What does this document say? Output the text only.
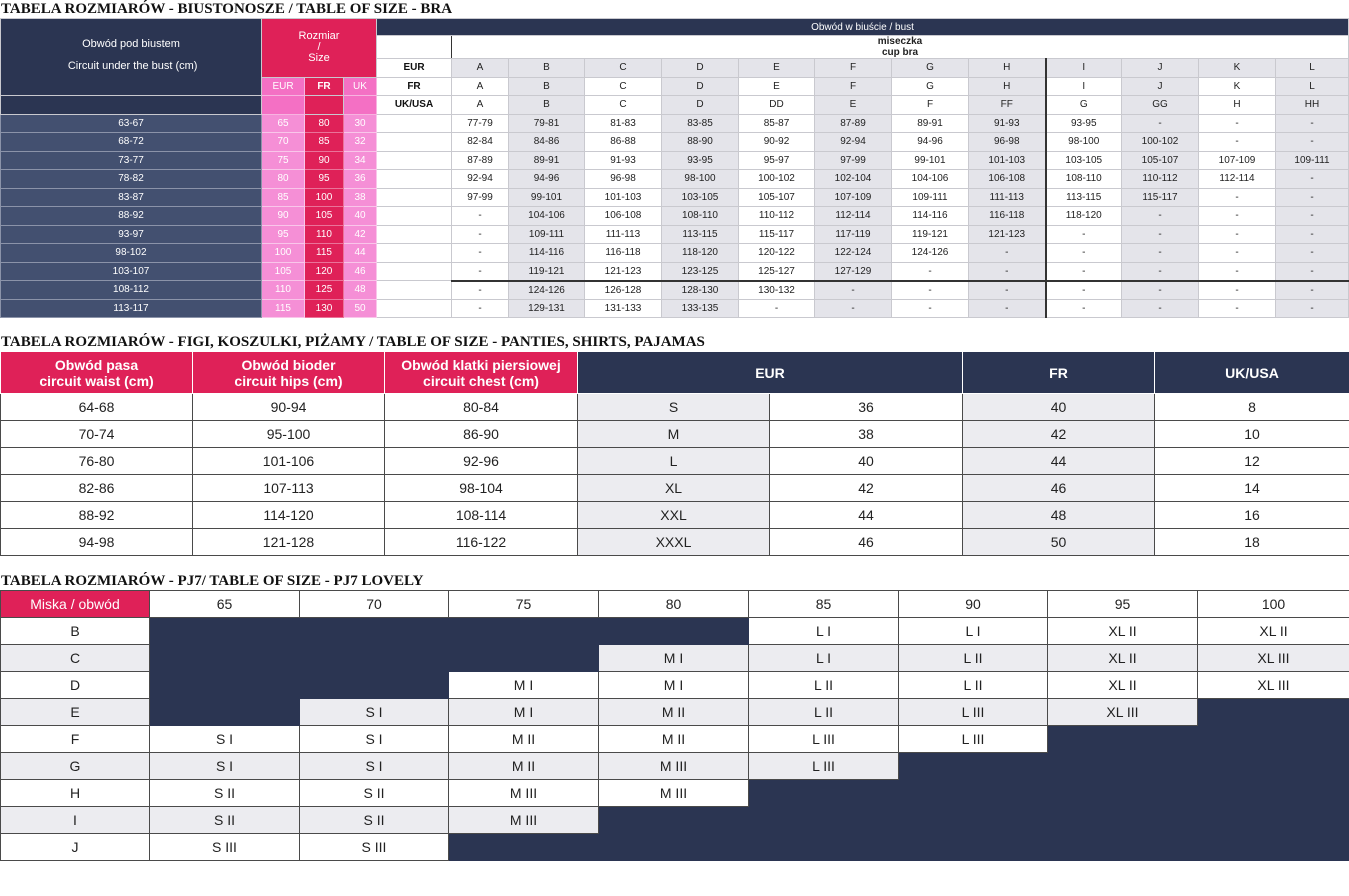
TABELA ROZMIARÓW - BIUSTONOSZE / TABLE OF SIZE - BRA
Obwód pod biustem
/ Circuit under the bust (cm)	Rozmiar
/
Size			Obwód w biuście / bust												
					miseczka
cup bra											

				EUR	A	B	C	D	E	F	G	H	I	J	K	L
	EUR	FR	UK	FR	A	B	C	D	E	F	G	H	I	J	K	L
				UK/USA	A	B	C	D	DD	E	F	FF	G	GG	H	HH
63-67	65	80	30		77-79	79-81	81-83	83-85	85-87	87-89	89-91	91-93	93-95	-	-	-
68-72	70	85	32		82-84	84-86	86-88	88-90	90-92	92-94	94-96	96-98	98-100	100-102	-	-
73-77	75	90	34		87-89	89-91	91-93	93-95	95-97	97-99	99-101	101-103	103-105	105-107	107-109	109-111
78-82	80	95	36		92-94	94-96	96-98	98-100	100-102	102-104	104-106	106-108	108-110	110-112	112-114	-
83-87	85	100	38		97-99	99-101	101-103	103-105	105-107	107-109	109-111	111-113	113-115	115-117	-	-
88-92	90	105	40		-	104-106	106-108	108-110	110-112	112-114	114-116	116-118	118-120	-	-	-
93-97	95	110	42		-	109-111	111-113	113-115	115-117	117-119	119-121	121-123	-	-	-	-
98-102	100	115	44		-	114-116	116-118	118-120	120-122	122-124	124-126	-	-	-	-	-
103-107	105	120	46		-	119-121	121-123	123-125	125-127	127-129	-	-	-	-	-	-
108-112	110	125	48		-	124-126	126-128	128-130	130-132	-	-	-	-	-	-	-
113-117	115	130	50		-	129-131	131-133	133-135	-	-	-	-	-	-	-	-
TABELA ROZMIARÓW - FIGI, KOSZULKI, PIŻAMY / TABLE OF SIZE - PANTIES, SHIRTS, PAJAMAS
Obwód pasa
circuit waist (cm)	Obwód bioder
circuit hips (cm)	Obwód klatki piersiowej
circuit chest (cm)	EUR		FR	UK/USA
64-68	90-94	80-84	S	36	40	8
70-74	95-100	86-90	M	38	42	10
76-80	101-106	92-96	L	40	44	12
82-86	107-113	98-104	XL	42	46	14
88-92	114-120	108-114	XXL	44	48	16
94-98	121-128	116-122	XXXL	46	50	18
TABELA ROZMIARÓW - PJ7/ TABLE OF SIZE - PJ7 LOVELY
Miska / obwód	65	70	75	80	85	90	95	100
B					L I	L I	XL II	XL II
C				M I	L I	L II	XL II	XL III
D			M I	M I	L II	L II	XL II	XL III
E		S I	M I	M II	L II	L III	XL III	
F	S I	S I	M II	M II	L III	L III		
G	S I	S I	M II	M III	L III			
H	S II	S II	M III	M III				
I	S II	S II	M III					
J	S III	S III						
